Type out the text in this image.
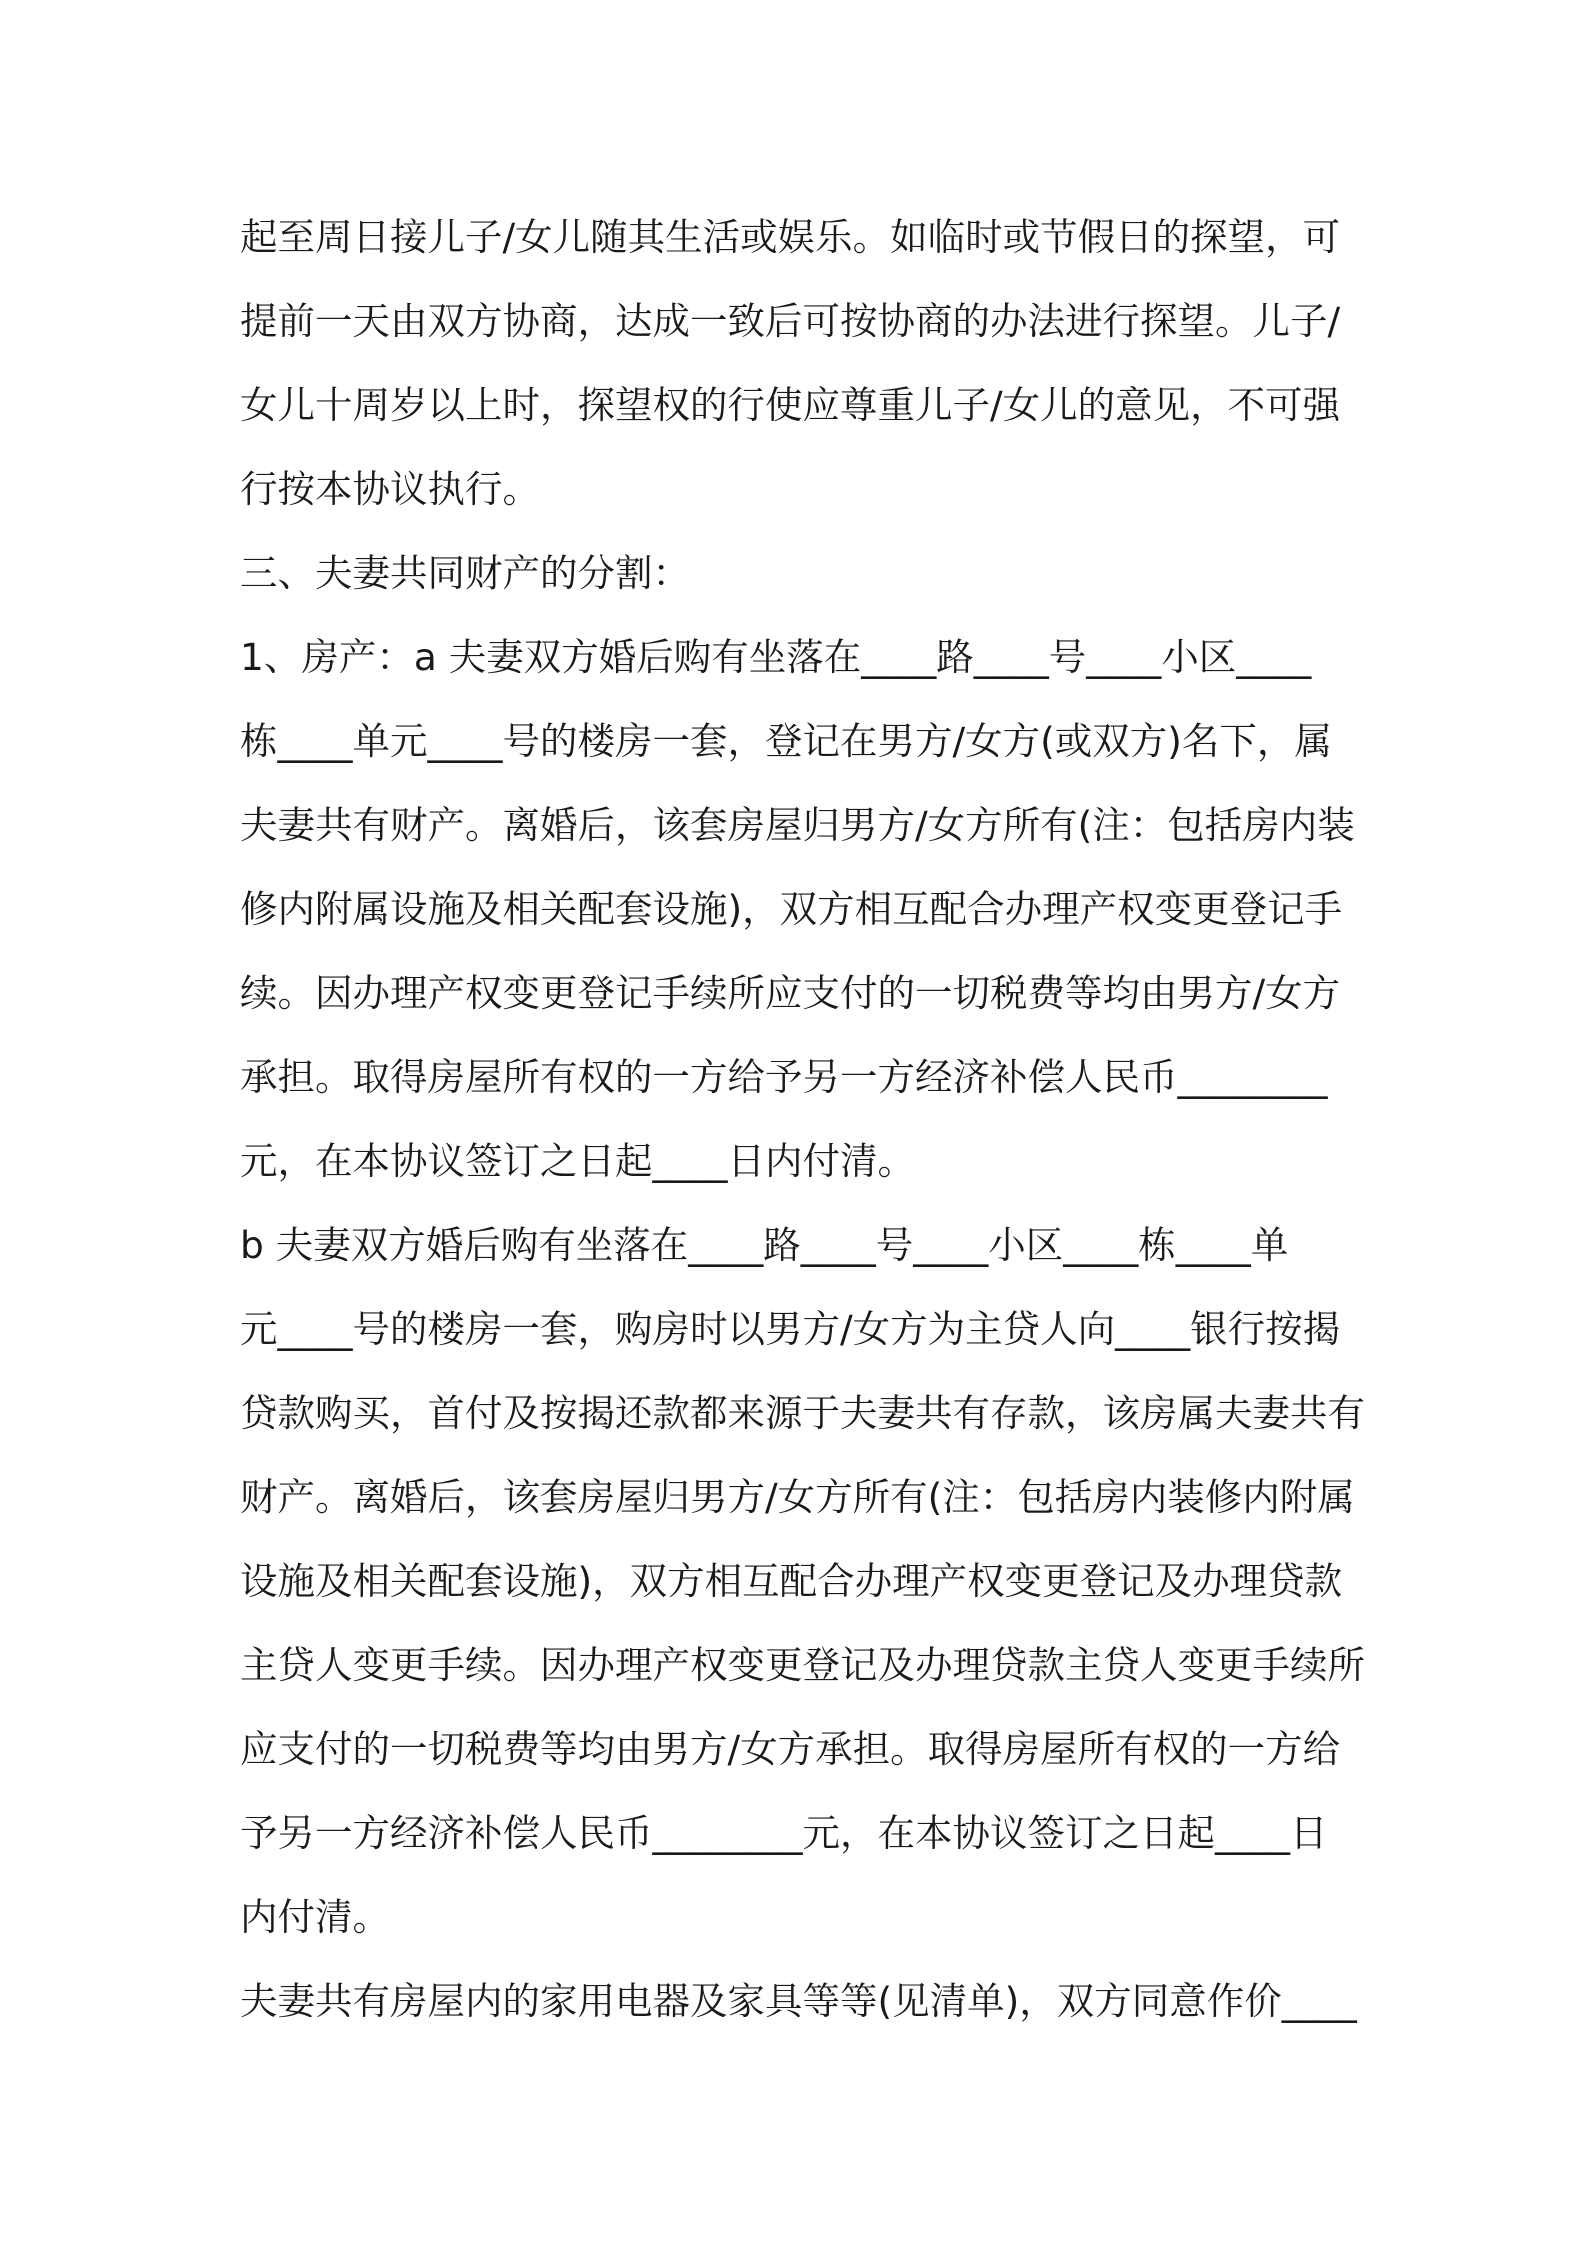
起至周日接儿子/女儿随其生活或娱乐。如临时或节假日的探望，可
提前一天由双方协商，达成一致后可按协商的办法进行探望。儿子/
女儿十周岁以上时，探望权的行使应尊重儿子/女儿的意见，不可强
行按本协议执行。
三、夫妻共同财产的分割：
1、房产：a 夫妻双方婚后购有坐落在____路____号____小区____
栋____单元____号的楼房一套，登记在男方/女方(或双方)名下，属
夫妻共有财产。离婚后，该套房屋归男方/女方所有(注：包括房内装
修内附属设施及相关配套设施)，双方相互配合办理产权变更登记手
续。因办理产权变更登记手续所应支付的一切税费等均由男方/女方
承担。取得房屋所有权的一方给予另一方经济补偿人民币________
元，在本协议签订之日起____日内付清。
b 夫妻双方婚后购有坐落在____路____号____小区____栋____单
元____号的楼房一套，购房时以男方/女方为主贷人向____银行按揭
贷款购买，首付及按揭还款都来源于夫妻共有存款，该房属夫妻共有
财产。离婚后，该套房屋归男方/女方所有(注：包括房内装修内附属
设施及相关配套设施)，双方相互配合办理产权变更登记及办理贷款
主贷人变更手续。因办理产权变更登记及办理贷款主贷人变更手续所
应支付的一切税费等均由男方/女方承担。取得房屋所有权的一方给
予另一方经济补偿人民币________元，在本协议签订之日起____日
内付清。
夫妻共有房屋内的家用电器及家具等等(见清单)，双方同意作价____
